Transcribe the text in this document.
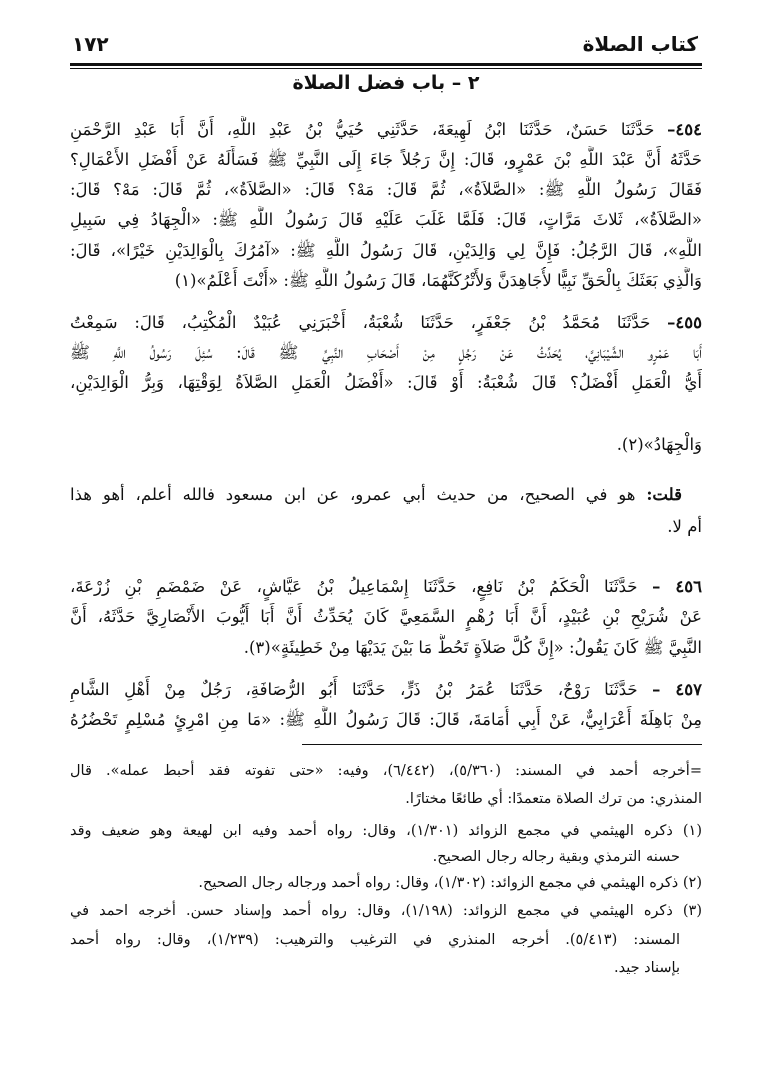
١٧٢	كتاب الصلاة
٢ – باب فضل الصلاة
٤٥٤– حَدَّثَنَا حَسَنٌ، حَدَّثَنَا ابْنُ لَهِيعَةَ، حَدَّثَنِي حُيَيُّ بْنُ عَبْدِ اللَّهِ، أَنَّ أَبَا عَبْدِ الرَّحْمَنِ
حَدَّثَهُ أَنَّ عَبْدَ اللَّهِ بْنَ عَمْرٍو، قَالَ: إِنَّ رَجُلاً جَاءَ إِلَى النَّبِيِّ ﷺ فَسَأَلَهُ عَنْ أَفْضَلِ الأَعْمَالِ؟
فَقَالَ رَسُولُ اللَّهِ ﷺ: «الصَّلاَةُ»، ثُمَّ قَالَ: مَهْ؟ قَالَ: «الصَّلاَةُ»، ثُمَّ قَالَ: مَهْ؟ قَالَ:
«الصَّلاَةُ»، ثَلاثَ مَرَّاتٍ، قَالَ: فَلَمَّا غَلَبَ عَلَيْهِ قَالَ رَسُولُ اللَّهِ ﷺ: «الْجِهَادُ فِي سَبِيلِ
اللَّهِ»، قَالَ الرَّجُلُ: فَإِنَّ لِي وَالِدَيْنِ، قَالَ رَسُولُ اللَّهِ ﷺ: «آمُرُكَ بِالْوَالِدَيْنِ خَيْرًا»، قَالَ:
وَالَّذِي بَعَثَكَ بِالْحَقِّ نَبِيًّا لأُجَاهِدَنَّ وَلأَتْرُكَنَّهُمَا، قَالَ رَسُولُ اللَّهِ ﷺ: «أَنْتَ أَعْلَمُ»(١)
٤٥٥– حَدَّثَنَا مُحَمَّدُ بْنُ جَعْفَرٍ، حَدَّثَنَا شُعْبَةُ، أَخْبَرَنِي عُبَيْدٌ الْمُكْتِبُ، قَالَ: سَمِعْتُ
أَبَا عَمْرٍو الشَّيْبَانِيَّ، يُحَدِّثُ عَنْ رَجُلٍ مِنْ أَصْحَابِ النَّبِيِّ ﷺ قَالَ: سُئِلَ رَسُولُ اللَّهِ ﷺ
أَيُّ الْعَمَلِ أَفْضَلُ؟ قَالَ شُعْبَةُ: أَوْ قَالَ: «أَفْضَلُ الْعَمَلِ الصَّلاَةُ لِوَقْتِهَا، وَبِرُّ الْوَالِدَيْنِ،
وَالْجِهَادُ»(٢).
قلت: هو في الصحيح، من حديث أبي عمرو، عن ابن مسعود فالله أعلم، أهو هذا
أم لا.
٤٥٦ – حَدَّثَنَا الْحَكَمُ بْنُ نَافِعٍ، حَدَّثَنَا إِسْمَاعِيلُ بْنُ عَيَّاشٍ، عَنْ ضَمْضَمِ بْنِ زُرْعَةَ،
عَنْ شُرَيْحِ بْنِ عُبَيْدٍ، أَنَّ أَبَا رُهْمٍ السَّمَعِيَّ كَانَ يُحَدِّثُ أَنَّ أَبَا أَيُّوبَ الأَنْصَارِيَّ حَدَّثَهُ، أَنَّ
النَّبِيَّ ﷺ كَانَ يَقُولُ: «إِنَّ كُلَّ صَلاَةٍ تَحُطُّ مَا بَيْنَ يَدَيْهَا مِنْ خَطِيئَةٍ»(٣).
٤٥٧ – حَدَّثَنَا رَوْحٌ، حَدَّثَنَا عُمَرُ بْنُ ذَرٍّ، حَدَّثَنَا أَبُو الرُّصَافَةِ، رَجُلٌ مِنْ أَهْلِ الشَّامِ
مِنْ بَاهِلَةَ أَعْرَابِيٌّ، عَنْ أَبِي أُمَامَةَ، قَالَ: قَالَ رَسُولُ اللَّهِ ﷺ: «مَا مِنِ امْرِئٍ مُسْلِمٍ تَحْضُرُهُ
=أخرجه أحمد في المسند: (٥/٣٦٠)، (٦/٤٤٢)، وفيه: «حتى تفوته فقد أحبط عمله». قال
المنذري: من ترك الصلاة متعمدًا: أي طائعًا مختارًا.
(١) ذكره الهيثمي في مجمع الزوائد (١/٣٠١)، وقال: رواه أحمد وفيه ابن لهيعة وهو ضعيف وقد
حسنه الترمذي وبقية رجاله رجال الصحيح.
(٢) ذكره الهيثمي في مجمع الزوائد: (١/٣٠٢)، وقال: رواه أحمد ورجاله رجال الصحيح.
(٣) ذكره الهيثمي في مجمع الزوائد: (١/١٩٨)، وقال: رواه أحمد وإسناد حسن. أخرجه احمد في
المسند: (٥/٤١٣). أخرجه المنذري في الترغيب والترهيب: (١/٢٣٩)، وقال: رواه أحمد
بإسناد جيد.
